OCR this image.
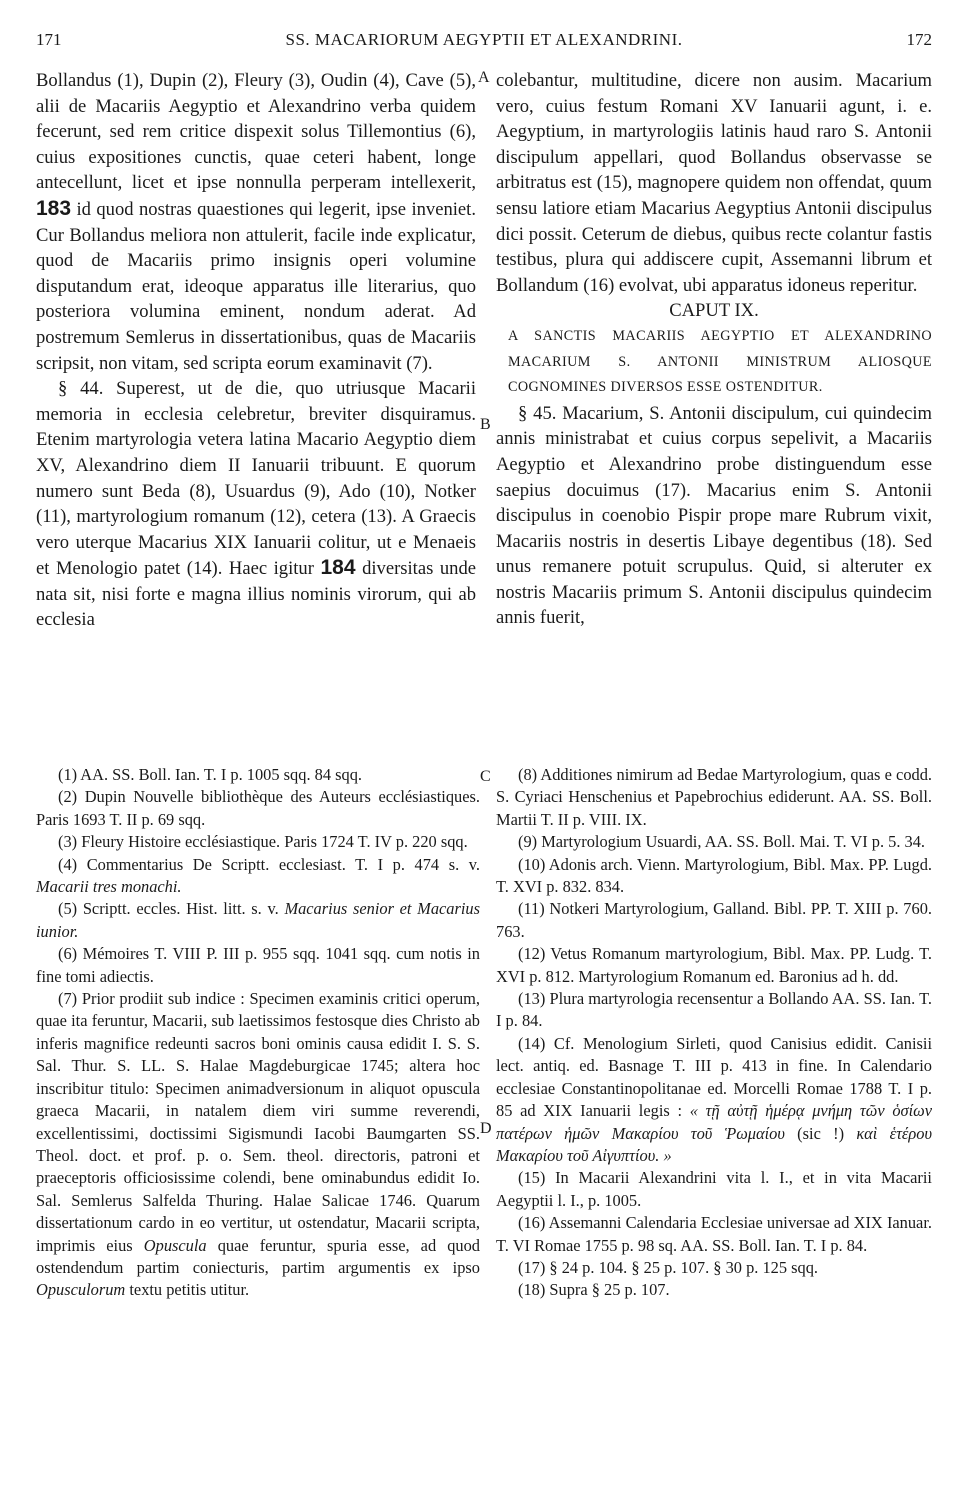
171	SS. MACARIORUM AEGYPTII ET ALEXANDRINI.	172
A
B
C
D

Bollandus (1), Dupin (2), Fleury (3), Oudin (4), Cave (5), alii de Macariis Aegyptio et Alexandrino verba quidem fecerunt, sed rem critice dispexit solus Tillemontius (6), cuius expositiones cunctis, quae ceteri habent, longe antecellunt, licet et ipse nonnulla perperam intellexerit, 183 id quod nostras quaestiones qui legerit, ipse inveniet. Cur Bollandus meliora non attulerit, facile inde explicatur, quod de Macariis primo insignis operi volumine disputandum erat, ideoque apparatus ille literarius, quo posteriora volumina eminent, nondum aderat. Ad postremum Semlerus in dissertationibus, quas de Macariis scripsit, non vitam, sed scripta eorum examinavit (7).

§ 44. Superest, ut de die, quo utriusque Macarii memoria in ecclesia celebretur, breviter disquiramus. Etenim martyrologia vetera latina Macario Aegyptio diem XV, Alexandrino diem II Ianuarii tribuunt. E quorum numero sunt Beda (8), Usuardus (9), Ado (10), Notker (11), martyrologium romanum (12), cetera (13). A Graecis vero uterque Macarius XIX Ianuarii colitur, ut e Menaeis et Menologio patet (14). Haec igitur 184 diversitas unde nata sit, nisi forte e magna illius nominis virorum, qui ab ecclesia

colebantur, multitudine, dicere non ausim. Macarium vero, cuius festum Romani XV Ianuarii agunt, i. e. Aegyptium, in martyrologiis latinis haud raro S. Antonii discipulum appellari, quod Bollandus observasse se arbitratus est (15), magnopere quidem non offendat, quum sensu latiore etiam Macarius Aegyptius Antonii discipulus dici possit. Ceterum de diebus, quibus recte colantur fastis testibus, plura qui addiscere cupit, Assemanni librum et Bollandum (16) evolvat, ubi apparatus idoneus reperitur.

CAPUT IX.

A SANCTIS MACARIIS AEGYPTIO ET ALEXANDRINO MACARIUM S. ANTONII MINISTRUM ALIOSQUE COGNOMINES DIVERSOS ESSE OSTENDITUR.

§ 45. Macarium, S. Antonii discipulum, cui quindecim annis ministrabat et cuius corpus sepelivit, a Macariis Aegyptio et Alexandrino probe distinguendum esse saepius docuimus (17). Macarius enim S. Antonii discipulus in coenobio Pispir prope mare Rubrum vixit, Macariis nostris in desertis Libaye degentibus (18). Sed unus remanere potuit scrupulus. Quid, si alteruter ex nostris Macariis primum S. Antonii discipulus quindecim annis fuerit,

(1) AA. SS. Boll. Ian. T. I p. 1005 sqq. 84 sqq.

(2) Dupin Nouvelle bibliothèque des Auteurs ecclésiastiques. Paris 1693 T. II p. 69 sqq.

(3) Fleury Histoire ecclésiastique. Paris 1724 T. IV p. 220 sqq.

(4) Commentarius De Scriptt. ecclesiast. T. I p. 474 s. v. Macarii tres monachi.

(5) Scriptt. eccles. Hist. litt. s. v. Macarius senior et Macarius iunior.

(6) Mémoires T. VIII P. III p. 955 sqq. 1041 sqq. cum notis in fine tomi adiectis.

(7) Prior prodiit sub indice : Specimen examinis critici operum, quae ita feruntur, Macarii, sub laetissimos festosque dies Christo ab inferis magnifice redeunti sacros boni ominis causa edidit I. S. S. Sal. Thur. S. LL. S. Halae Magdeburgicae 1745; altera hoc inscribitur titulo: Specimen animadversionum in aliquot opuscula graeca Macarii, in natalem diem viri summe reverendi, excellentissimi, doctissimi Sigismundi Iacobi Baumgarten SS. Theol. doct. et prof. p. o. Sem. theol. directoris, patroni et praeceptoris officiosissime colendi, bene ominabundus edidit Io. Sal. Semlerus Salfelda Thuring. Halae Salicae 1746. Quarum dissertationum cardo in eo vertitur, ut ostendatur, Macarii scripta, imprimis eius Opuscula quae feruntur, spuria esse, ad quod ostendendum partim coniecturis, partim argumentis ex ipso Opusculorum textu petitis utitur.

(8) Additiones nimirum ad Bedae Martyrologium, quas e codd. S. Cyriaci Henschenius et Papebrochius ediderunt. AA. SS. Boll. Martii T. II p. VIII. IX.

(9) Martyrologium Usuardi, AA. SS. Boll. Mai. T. VI p. 5. 34.

(10) Adonis arch. Vienn. Martyrologium, Bibl. Max. PP. Lugd. T. XVI p. 832. 834.

(11) Notkeri Martyrologium, Galland. Bibl. PP. T. XIII p. 760. 763.

(12) Vetus Romanum martyrologium, Bibl. Max. PP. Ludg. T. XVI p. 812. Martyrologium Romanum ed. Baronius ad h. dd.

(13) Plura martyrologia recensentur a Bollando AA. SS. Ian. T. I p. 84.

(14) Cf. Menologium Sirleti, quod Canisius edidit. Canisii lect. antiq. ed. Basnage T. III p. 413 in fine. In Calendario ecclesiae Constantinopolitanae ed. Morcelli Romae 1788 T. I p. 85 ad XIX Ianuarii legis : « τῇ αὐτῇ ἡμέρᾳ μνήμη τῶν ὁσίων πατέρων ἡμῶν Μακαρίου τοῦ Ῥωμαίου (sic !) καὶ ἑτέρου Μακαρίου τοῦ Αἰγυπτίου. »

(15) In Macarii Alexandrini vita l. I., et in vita Macarii Aegyptii l. I., p. 1005.

(16) Assemanni Calendaria Ecclesiae universae ad XIX Ianuar. T. VI Romae 1755 p. 98 sq. AA. SS. Boll. Ian. T. I p. 84.

(17) § 24 p. 104. § 25 p. 107. § 30 p. 125 sqq.

(18) Supra § 25 p. 107.
